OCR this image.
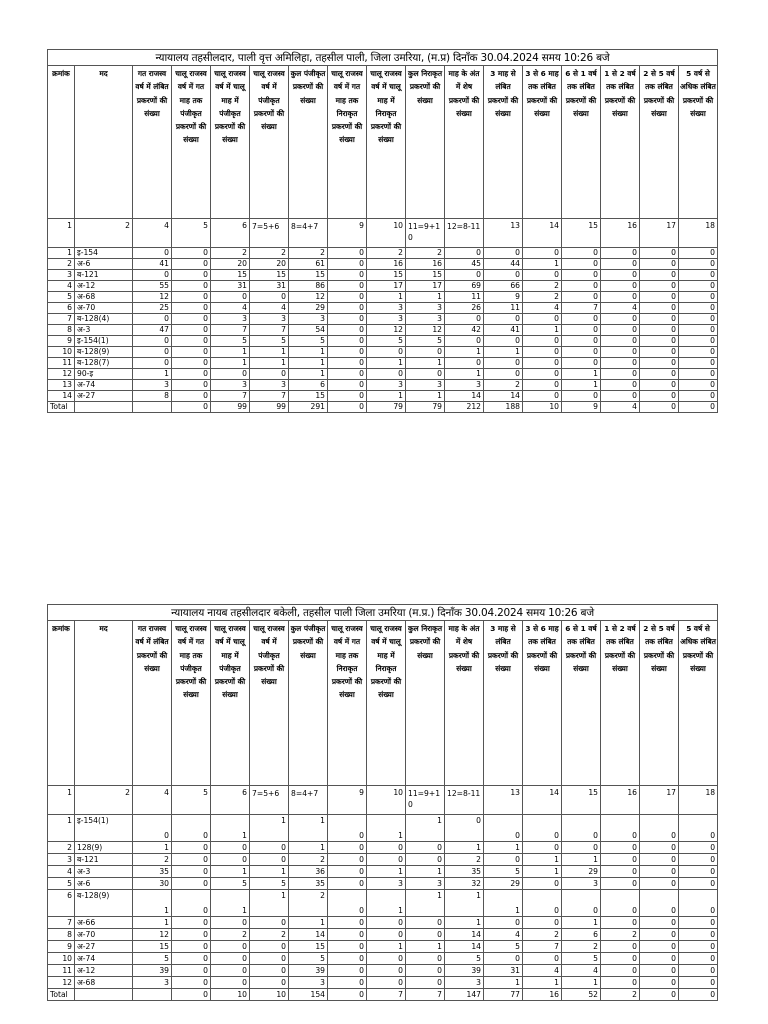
न्यायालय तहसीलदार, पाली वृत्त अमिलिहा, तहसील पाली, जिला उमरिया, (म.प्र) दिनाँक 30.04.2024 समय 10:26 बजे																
क्रमांक	मद	गत राजस्व वर्ष में लंबित प्रकरणों की संख्या	चालू राजस्व वर्ष में गत माह तक पंजीकृत प्रकरणों की संख्या	चालू राजस्व वर्ष में चालू माह में पंजीकृत प्रकरणों की संख्या	चालू राजस्व वर्ष में पंजीकृत प्रकरणों की संख्या	कुल पंजीकृत प्रकरणों की संख्या	चालू राजस्व वर्ष में गत माह तक निराकृत प्रकरणों की संख्या	चालू राजस्व वर्ष में चालू माह में निराकृत प्रकरणों की संख्या	कुल निराकृत प्रकरणों की संख्या	माह के अंत में शेष प्रकरणों की संख्या	3 माह से लंबित प्रकरणों की संख्या	3 से 6 माह तक लंबित प्रकरणों की संख्या	6 से 1 वर्ष तक लंबित प्रकरणों की संख्या	1 से 2 वर्ष तक लंबित प्रकरणों की संख्या	2 से 5 वर्ष तक लंबित प्रकरणों की संख्या	5 वर्ष से अधिक लंबित प्रकरणों की संख्या
1	2	4	5	6	7=5+6	8=4+7	9	10	11=9+10	12=8-11	13	14	15	16	17	18
1	इ-154	0	0	2	2	2	0	2	2	0	0	0	0	0	0	0
2	अ-6	41	0	20	20	61	0	16	16	45	44	1	0	0	0	0
3	ब-121	0	0	15	15	15	0	15	15	0	0	0	0	0	0	0
4	अ-12	55	0	31	31	86	0	17	17	69	66	2	0	0	0	0
5	अ-68	12	0	0	0	12	0	1	1	11	9	2	0	0	0	0
6	अ-70	25	0	4	4	29	0	3	3	26	11	4	7	4	0	0
7	ब-128(4)	0	0	3	3	3	0	3	3	0	0	0	0	0	0	0
8	अ-3	47	0	7	7	54	0	12	12	42	41	1	0	0	0	0
9	इ-154(1)	0	0	5	5	5	0	5	5	0	0	0	0	0	0	0
10	ब-128(9)	0	0	1	1	1	0	0	0	1	1	0	0	0	0	0
11	ब-128(7)	0	0	1	1	1	0	1	1	0	0	0	0	0	0	0
12	90-इ	1	0	0	0	1	0	0	0	1	0	0	1	0	0	0
13	अ-74	3	0	3	3	6	0	3	3	3	2	0	1	0	0	0
14	अ-27	8	0	7	7	15	0	1	1	14	14	0	0	0	0	0
Total			0	99	99	291	0	79	79	212	188	10	9	4	0	0
न्यायालय नायब तहसीलदार बकेली, तहसील पाली जिला उमरिया (म.प्र.) दिनाँक 30.04.2024 समय 10:26 बजे																
क्रमांक	मद	गत राजस्व वर्ष में लंबित प्रकरणों की संख्या	चालू राजस्व वर्ष में गत माह तक पंजीकृत प्रकरणों की संख्या	चालू राजस्व वर्ष में चालू माह में पंजीकृत प्रकरणों की संख्या	चालू राजस्व वर्ष में पंजीकृत प्रकरणों की संख्या	कुल पंजीकृत प्रकरणों की संख्या	चालू राजस्व वर्ष में गत माह तक निराकृत प्रकरणों की संख्या	चालू राजस्व वर्ष में चालू माह में निराकृत प्रकरणों की संख्या	कुल निराकृत प्रकरणों की संख्या	माह के अंत में शेष प्रकरणों की संख्या	3 माह से लंबित प्रकरणों की संख्या	3 से 6 माह तक लंबित प्रकरणों की संख्या	6 से 1 वर्ष तक लंबित प्रकरणों की संख्या	1 से 2 वर्ष तक लंबित प्रकरणों की संख्या	2 से 5 वर्ष तक लंबित प्रकरणों की संख्या	5 वर्ष से अधिक लंबित प्रकरणों की संख्या
1	2	4	5	6	7=5+6	8=4+7	9	10	11=9+10	12=8-11	13	14	15	16	17	18
1	इ-154(1)	0	0	1	1	1	0	1	1	0	0	0	0	0	0	0
2	128(9)	1	0	0	0	1	0	0	0	1	1	0	0	0	0	0
3	ब-121	2	0	0	0	2	0	0	0	2	0	1	1	0	0	0
4	अ-3	35	0	1	1	36	0	1	1	35	5	1	29	0	0	0
5	अ-6	30	0	5	5	35	0	3	3	32	29	0	3	0	0	0
6	ब-128(9)	1	0	1	1	2	0	1	1	1	1	0	0	0	0	0
7	अ-66	1	0	0	0	1	0	0	0	1	0	0	1	0	0	0
8	अ-70	12	0	2	2	14	0	0	0	14	4	2	6	2	0	0
9	अ-27	15	0	0	0	15	0	1	1	14	5	7	2	0	0	0
10	अ-74	5	0	0	0	5	0	0	0	5	0	0	5	0	0	0
11	अ-12	39	0	0	0	39	0	0	0	39	31	4	4	0	0	0
12	अ-68	3	0	0	0	3	0	0	0	3	1	1	1	0	0	0
Total			0	10	10	154	0	7	7	147	77	16	52	2	0	0
